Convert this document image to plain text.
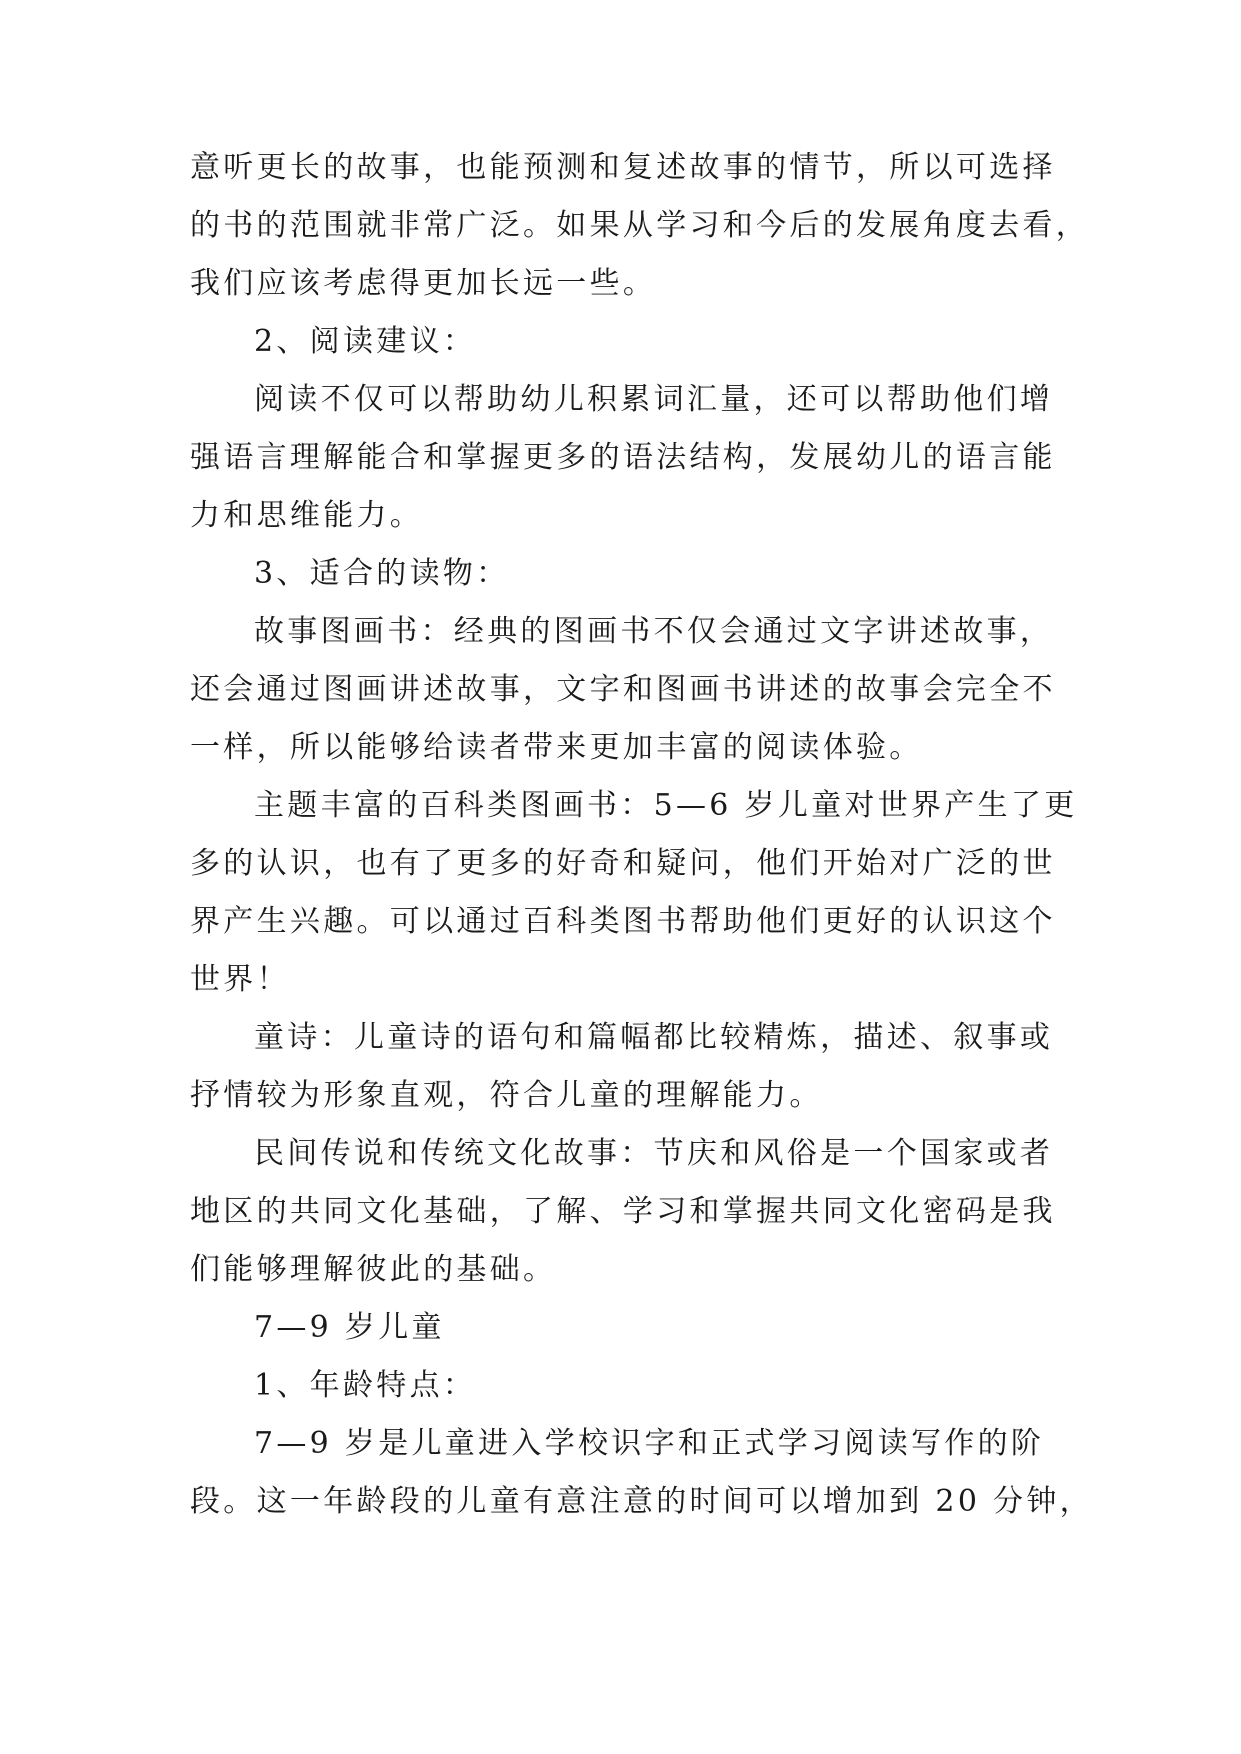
意听更长的故事，也能预测和复述故事的情节，所以可选择
的书的范围就非常广泛。如果从学习和今后的发展角度去看，
我们应该考虑得更加长远一些。
2、阅读建议：
阅读不仅可以帮助幼儿积累词汇量，还可以帮助他们增
强语言理解能合和掌握更多的语法结构，发展幼儿的语言能
力和思维能力。
3、适合的读物：
故事图画书：经典的图画书不仅会通过文字讲述故事，
还会通过图画讲述故事，文字和图画书讲述的故事会完全不
一样，所以能够给读者带来更加丰富的阅读体验。
主题丰富的百科类图画书：5—6 岁儿童对世界产生了更
多的认识，也有了更多的好奇和疑问，他们开始对广泛的世
界产生兴趣。可以通过百科类图书帮助他们更好的认识这个
世界！
童诗：儿童诗的语句和篇幅都比较精炼，描述、叙事或
抒情较为形象直观，符合儿童的理解能力。
民间传说和传统文化故事：节庆和风俗是一个国家或者
地区的共同文化基础，了解、学习和掌握共同文化密码是我
们能够理解彼此的基础。
7—9 岁儿童
1、年龄特点：
7—9 岁是儿童进入学校识字和正式学习阅读写作的阶
段。这一年龄段的儿童有意注意的时间可以增加到 20 分钟，
